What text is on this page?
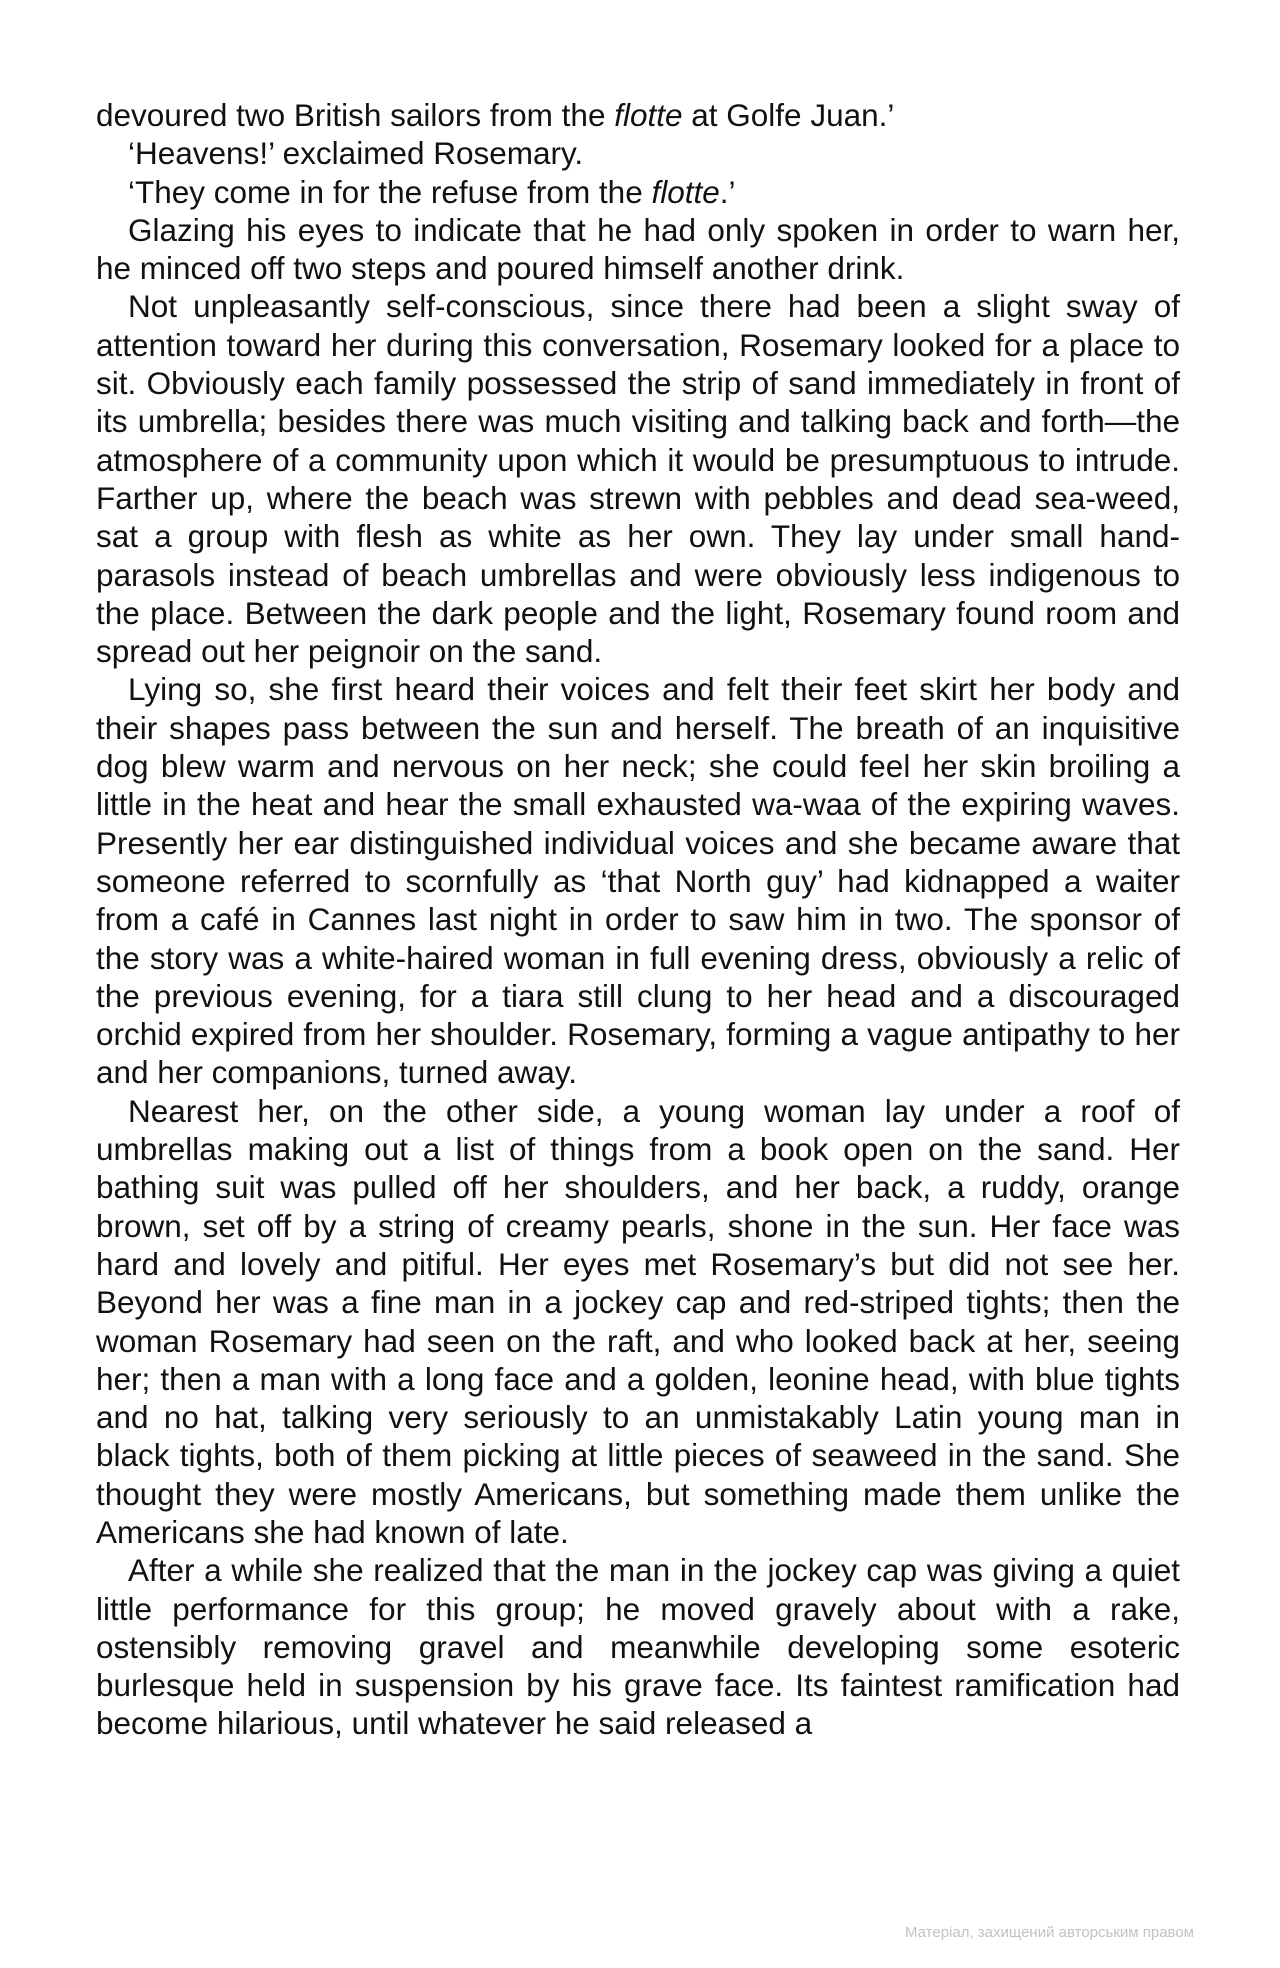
devoured two British sailors from the flotte at Golfe Juan.’

‘Heavens!’ exclaimed Rosemary.

‘They come in for the refuse from the flotte.’

Glazing his eyes to indicate that he had only spoken in order to warn her, he minced off two steps and poured himself another drink.

Not unpleasantly self-conscious, since there had been a slight sway of attention toward her during this conversation, Rosemary looked for a place to sit. Obviously each family possessed the strip of sand immediately in front of its umbrella; besides there was much visiting and talking back and forth—the atmosphere of a community upon which it would be presumptuous to intrude. Farther up, where the beach was strewn with pebbles and dead sea-weed, sat a group with flesh as white as her own. They lay under small hand-parasols instead of beach umbrellas and were obviously less indigenous to the place. Between the dark people and the light, Rosemary found room and spread out her peignoir on the sand.

Lying so, she first heard their voices and felt their feet skirt her body and their shapes pass between the sun and herself. The breath of an inquisitive dog blew warm and nervous on her neck; she could feel her skin broiling a little in the heat and hear the small exhausted wa-waa of the expiring waves. Presently her ear distinguished individual voices and she became aware that someone referred to scornfully as ‘that North guy’ had kidnapped a waiter from a café in Cannes last night in order to saw him in two. The sponsor of the story was a white-haired woman in full evening dress, obviously a relic of the previous evening, for a tiara still clung to her head and a discouraged orchid expired from her shoulder. Rosemary, forming a vague antipathy to her and her companions, turned away.

Nearest her, on the other side, a young woman lay under a roof of umbrellas making out a list of things from a book open on the sand. Her bathing suit was pulled off her shoulders, and her back, a ruddy, orange brown, set off by a string of creamy pearls, shone in the sun. Her face was hard and lovely and pitiful. Her eyes met Rosemary’s but did not see her. Beyond her was a fine man in a jockey cap and red-striped tights; then the woman Rosemary had seen on the raft, and who looked back at her, seeing her; then a man with a long face and a golden, leonine head, with blue tights and no hat, talking very seriously to an unmistakably Latin young man in black tights, both of them picking at little pieces of seaweed in the sand. She thought they were mostly Americans, but something made them unlike the Americans she had known of late.

After a while she realized that the man in the jockey cap was giving a quiet little performance for this group; he moved gravely about with a rake, ostensibly removing gravel and meanwhile developing some esoteric burlesque held in suspension by his grave face. Its faintest ramification had become hilarious, until whatever he said released a

Матеріал, захищений авторським правом
